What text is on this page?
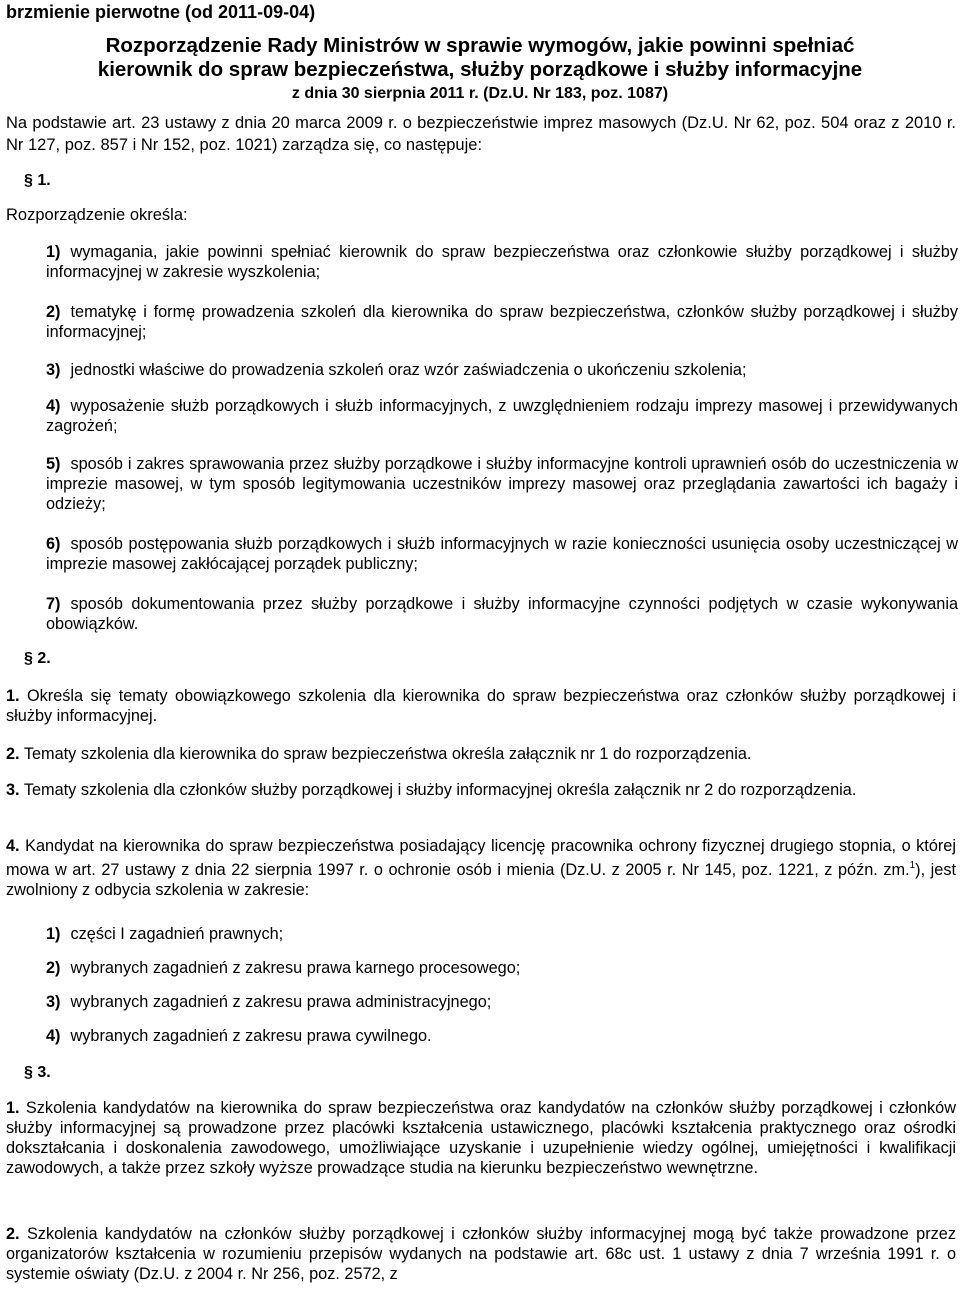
brzmienie pierwotne (od 2011-09-04)
Rozporządzenie Rady Ministrów w sprawie wymogów, jakie powinni spełniać
kierownik do spraw bezpieczeństwa, służby porządkowe i służby informacyjne
z dnia 30 sierpnia 2011 r. (Dz.U. Nr 183, poz. 1087)
Na podstawie art. 23 ustawy z dnia 20 marca 2009 r. o bezpieczeństwie imprez masowych (Dz.U. Nr 62, poz. 504 oraz z 2010 r. Nr 127, poz. 857 i Nr 152, poz. 1021) zarządza się, co następuje:
§ 1.
Rozporządzenie określa:
1) wymagania, jakie powinni spełniać kierownik do spraw bezpieczeństwa oraz członkowie służby porządkowej i służby informacyjnej w zakresie wyszkolenia;
2) tematykę i formę prowadzenia szkoleń dla kierownika do spraw bezpieczeństwa, członków służby porządkowej i służby informacyjnej;
3) jednostki właściwe do prowadzenia szkoleń oraz wzór zaświadczenia o ukończeniu szkolenia;
4) wyposażenie służb porządkowych i służb informacyjnych, z uwzględnieniem rodzaju imprezy masowej i przewidywanych zagrożeń;
5) sposób i zakres sprawowania przez służby porządkowe i służby informacyjne kontroli uprawnień osób do uczestniczenia w imprezie masowej, w tym sposób legitymowania uczestników imprezy masowej oraz przeglądania zawartości ich bagaży i odzieży;
6) sposób postępowania służb porządkowych i służb informacyjnych w razie konieczności usunięcia osoby uczestniczącej w imprezie masowej zakłócającej porządek publiczny;
7) sposób dokumentowania przez służby porządkowe i służby informacyjne czynności podjętych w czasie wykonywania obowiązków.
§ 2.
1. Określa się tematy obowiązkowego szkolenia dla kierownika do spraw bezpieczeństwa oraz członków służby porządkowej i służby informacyjnej.
2. Tematy szkolenia dla kierownika do spraw bezpieczeństwa określa załącznik nr 1 do rozporządzenia.
3. Tematy szkolenia dla członków służby porządkowej i służby informacyjnej określa załącznik nr 2 do rozporządzenia.
4. Kandydat na kierownika do spraw bezpieczeństwa posiadający licencję pracownika ochrony fizycznej drugiego stopnia, o której mowa w art. 27 ustawy z dnia 22 sierpnia 1997 r. o ochronie osób i mienia (Dz.U. z 2005 r. Nr 145, poz. 1221, z późn. zm.$^1$), jest zwolniony z odbycia szkolenia w zakresie:
1) części I zagadnień prawnych;
2) wybranych zagadnień z zakresu prawa karnego procesowego;
3) wybranych zagadnień z zakresu prawa administracyjnego;
4) wybranych zagadnień z zakresu prawa cywilnego.
§ 3.
1. Szkolenia kandydatów na kierownika do spraw bezpieczeństwa oraz kandydatów na członków służby porządkowej i członków służby informacyjnej są prowadzone przez placówki kształcenia ustawicznego, placówki kształcenia praktycznego oraz ośrodki dokształcania i doskonalenia zawodowego, umożliwiające uzyskanie i uzupełnienie wiedzy ogólnej, umiejętności i kwalifikacji zawodowych, a także przez szkoły wyższe prowadzące studia na kierunku bezpieczeństwo wewnętrzne.
2. Szkolenia kandydatów na członków służby porządkowej i członków służby informacyjnej mogą być także prowadzone przez organizatorów kształcenia w rozumieniu przepisów wydanych na podstawie art. 68c ust. 1 ustawy z dnia 7 września 1991 r. o systemie oświaty (Dz.U. z 2004 r. Nr 256, poz. 2572, z
